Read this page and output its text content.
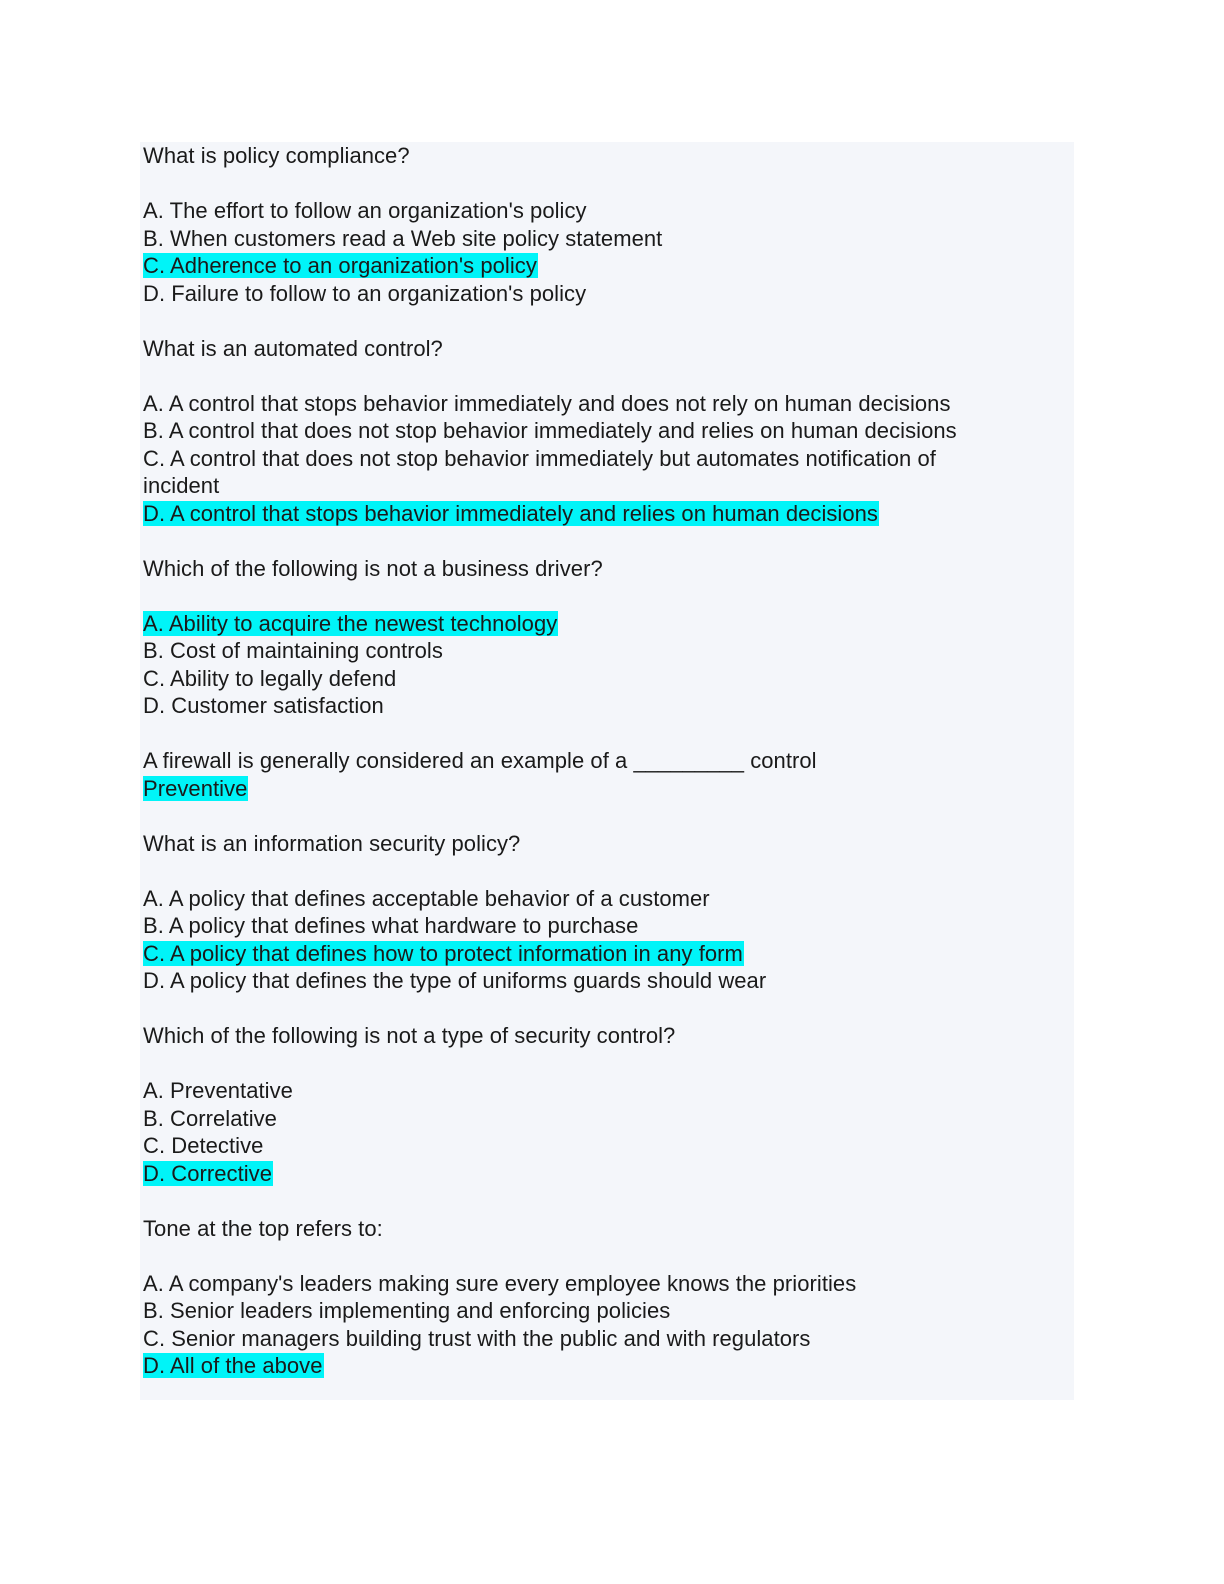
What is policy compliance?
A. The effort to follow an organization's policy
B. When customers read a Web site policy statement
C. Adherence to an organization's policy
D. Failure to follow to an organization's policy
What is an automated control?
A. A control that stops behavior immediately and does not rely on human decisions
B. A control that does not stop behavior immediately and relies on human decisions
C. A control that does not stop behavior immediately but automates notification of incident
D. A control that stops behavior immediately and relies on human decisions
Which of the following is not a business driver?
A. Ability to acquire the newest technology
B. Cost of maintaining controls
C. Ability to legally defend
D. Customer satisfaction
A firewall is generally considered an example of a _________ control
Preventive
What is an information security policy?
A. A policy that defines acceptable behavior of a customer
B. A policy that defines what hardware to purchase
C. A policy that defines how to protect information in any form
D. A policy that defines the type of uniforms guards should wear
Which of the following is not a type of security control?
A. Preventative
B. Correlative
C. Detective
D. Corrective
Tone at the top refers to:
A. A company's leaders making sure every employee knows the priorities
B. Senior leaders implementing and enforcing policies
C. Senior managers building trust with the public and with regulators
D. All of the above
